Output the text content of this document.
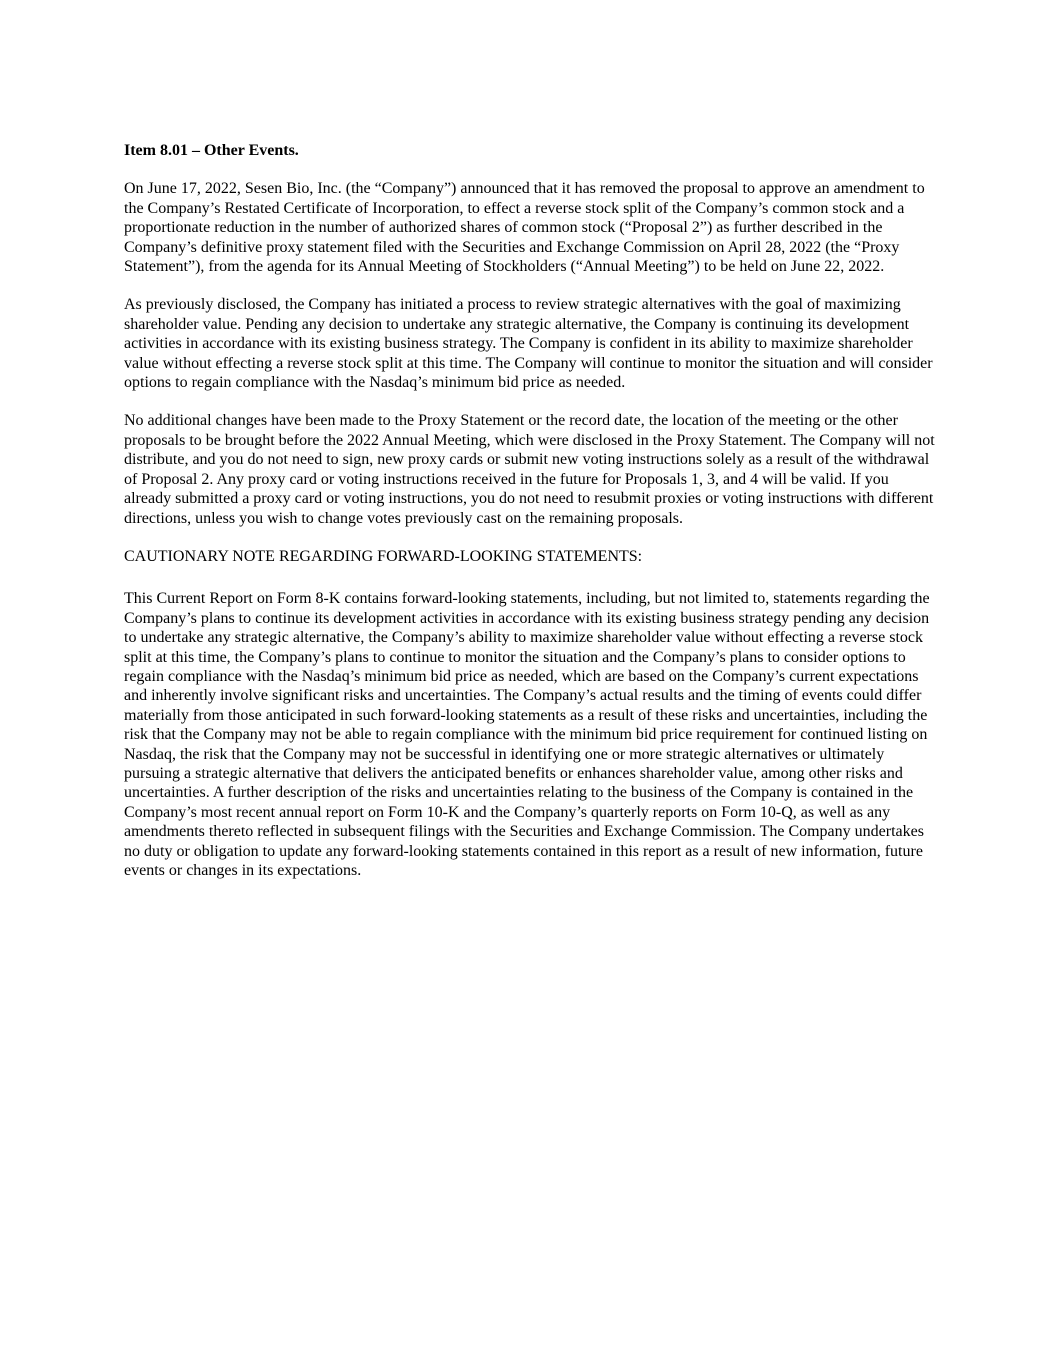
Item 8.01 – Other Events.

On June 17, 2022, Sesen Bio, Inc. (the “Company”) announced that it has removed the proposal to approve an amendment to the Company’s Restated Certificate of Incorporation, to effect a reverse stock split of the Company’s common stock and a proportionate reduction in the number of authorized shares of common stock (“Proposal 2”) as further described in the Company’s definitive proxy statement filed with the Securities and Exchange Commission on April 28, 2022 (the “Proxy Statement”), from the agenda for its Annual Meeting of Stockholders (“Annual Meeting”) to be held on June 22, 2022.

As previously disclosed, the Company has initiated a process to review strategic alternatives with the goal of maximizing shareholder value. Pending any decision to undertake any strategic alternative, the Company is continuing its development activities in accordance with its existing business strategy. The Company is confident in its ability to maximize shareholder value without effecting a reverse stock split at this time. The Company will continue to monitor the situation and will consider options to regain compliance with the Nasdaq’s minimum bid price as needed.

No additional changes have been made to the Proxy Statement or the record date, the location of the meeting or the other proposals to be brought before the 2022 Annual Meeting, which were disclosed in the Proxy Statement. The Company will not distribute, and you do not need to sign, new proxy cards or submit new voting instructions solely as a result of the withdrawal of Proposal 2. Any proxy card or voting instructions received in the future for Proposals 1, 3, and 4 will be valid. If you already submitted a proxy card or voting instructions, you do not need to resubmit proxies or voting instructions with different directions, unless you wish to change votes previously cast on the remaining proposals.

CAUTIONARY NOTE REGARDING FORWARD-LOOKING STATEMENTS:

This Current Report on Form 8-K contains forward-looking statements, including, but not limited to, statements regarding the Company’s plans to continue its development activities in accordance with its existing business strategy pending any decision to undertake any strategic alternative, the Company’s ability to maximize shareholder value without effecting a reverse stock split at this time, the Company’s plans to continue to monitor the situation and the Company’s plans to consider options to regain compliance with the Nasdaq’s minimum bid price as needed, which are based on the Company’s current expectations and inherently involve significant risks and uncertainties. The Company’s actual results and the timing of events could differ materially from those anticipated in such forward-looking statements as a result of these risks and uncertainties, including the risk that the Company may not be able to regain compliance with the minimum bid price requirement for continued listing on Nasdaq, the risk that the Company may not be successful in identifying one or more strategic alternatives or ultimately pursuing a strategic alternative that delivers the anticipated benefits or enhances shareholder value, among other risks and uncertainties. A further description of the risks and uncertainties relating to the business of the Company is contained in the Company’s most recent annual report on Form 10-K and the Company’s quarterly reports on Form 10-Q, as well as any amendments thereto reflected in subsequent filings with the Securities and Exchange Commission. The Company undertakes no duty or obligation to update any forward-looking statements contained in this report as a result of new information, future events or changes in its expectations.
